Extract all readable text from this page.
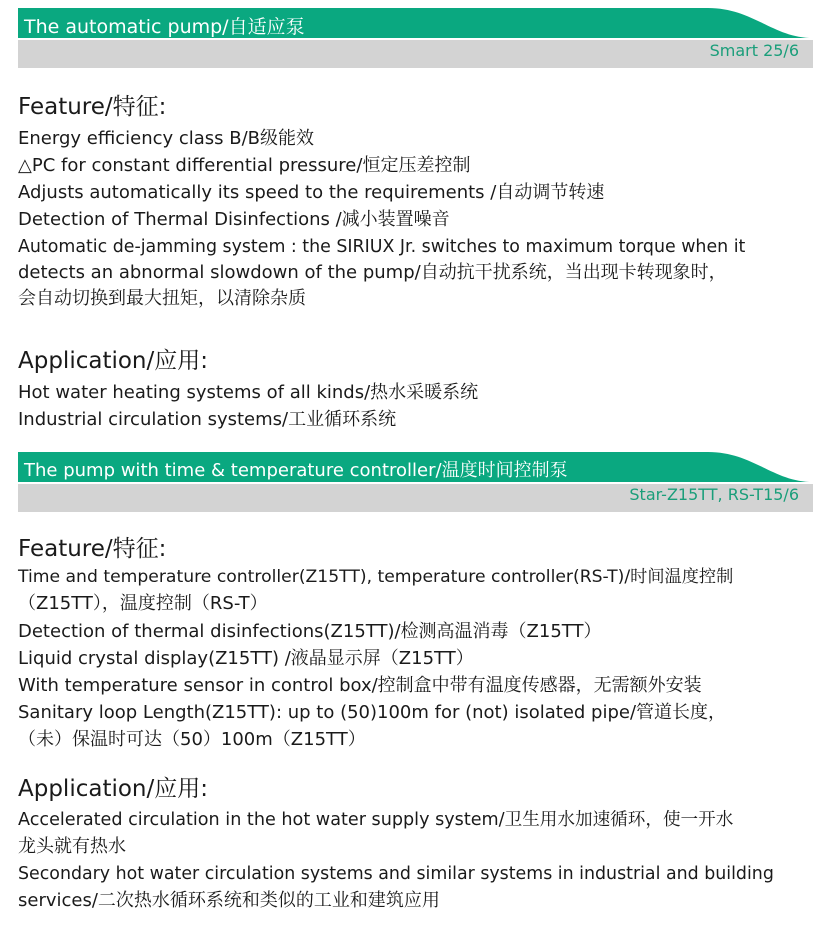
The automatic pump/自适应泵
Smart 25/6
Feature/特征:
Energy efficiency class B/B级能效
△PC for constant differential pressure/恒定压差控制
Adjusts automatically its speed to the requirements /自动调节转速
Detection of Thermal Disinfections /减小装置噪音
Automatic de-jamming system : the SIRIUX Jr. switches to maximum torque when it
detects an abnormal slowdown of the pump/自动抗干扰系统，当出现卡转现象时，
会自动切换到最大扭矩，以清除杂质
Application/应用:
Hot water heating systems of all kinds/热水采暖系统
Industrial circulation systems/工业循环系统
The pump with time & temperature controller/温度时间控制泵
Star-Z15TT, RS-T15/6
Feature/特征:
Time and temperature controller(Z15TT), temperature controller(RS-T)/时间温度控制
（Z15TT），温度控制（RS-T）
Detection of thermal disinfections(Z15TT)/检测高温消毒（Z15TT）
Liquid crystal display(Z15TT) /液晶显示屏（Z15TT）
With temperature sensor in control box/控制盒中带有温度传感器，无需额外安装
Sanitary loop Length(Z15TT): up to (50)100m for (not) isolated pipe/管道长度，
（未）保温时可达（50）100m（Z15TT）
Application/应用:
Accelerated circulation in the hot water supply system/卫生用水加速循环，使一开水
龙头就有热水
Secondary hot water circulation systems and similar systems in industrial and building
services/二次热水循环系统和类似的工业和建筑应用
